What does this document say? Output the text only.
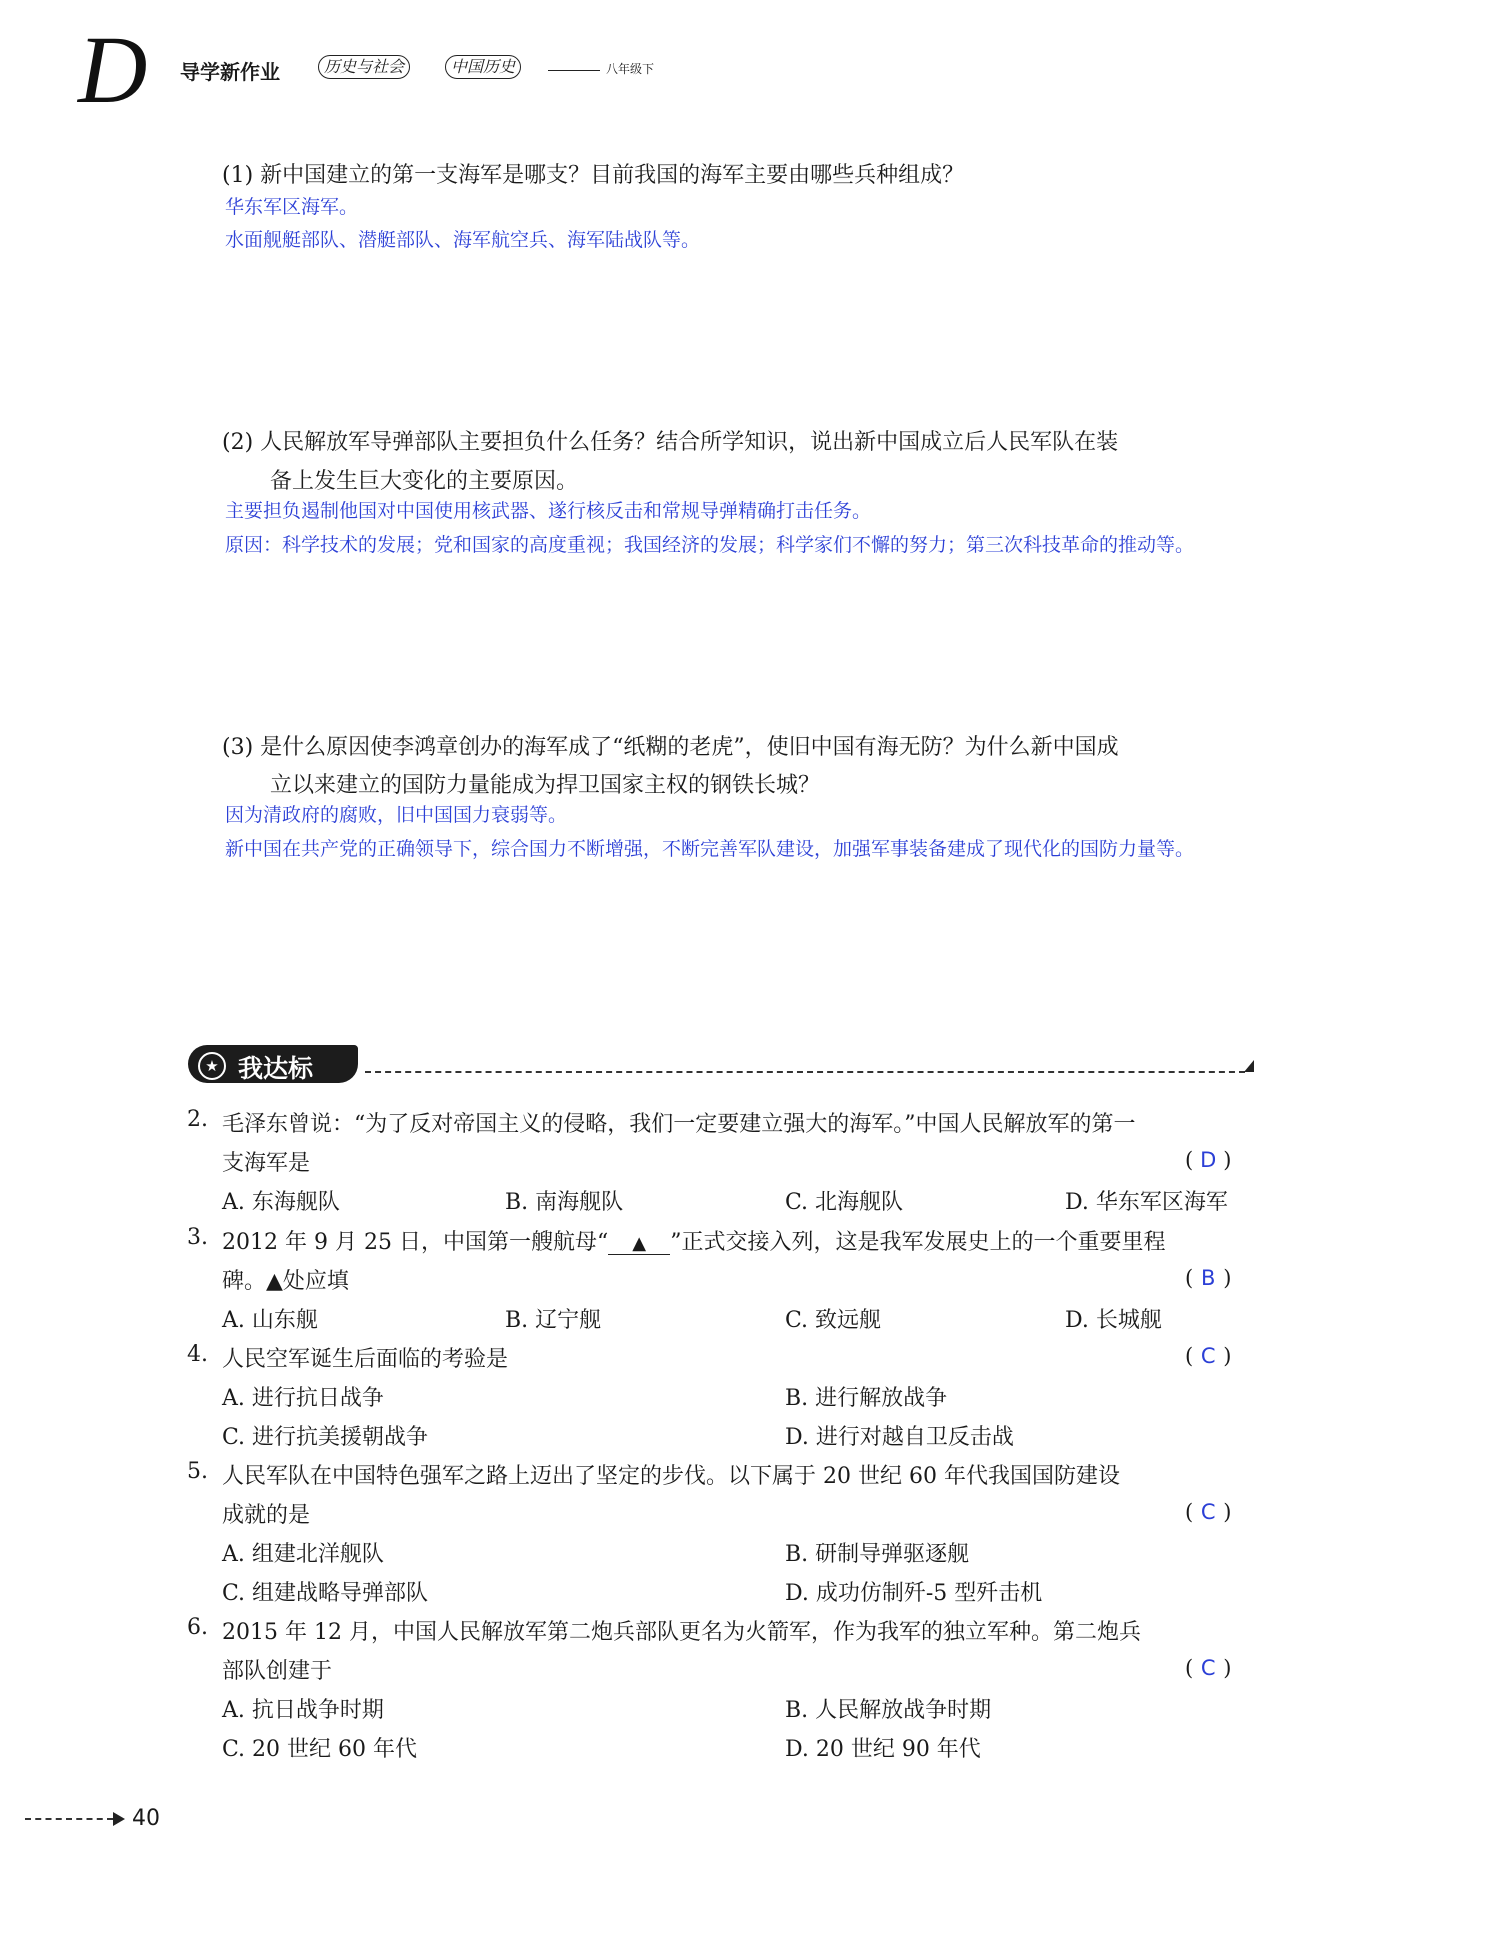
D 导学新作业	历史与社会	中国历史	八年级下
(1) 新中国建立的第一支海军是哪支？目前我国的海军主要由哪些兵种组成？
华东军区海军。
水面舰艇部队、潜艇部队、海军航空兵、海军陆战队等。
(2) 人民解放军导弹部队主要担负什么任务？结合所学知识，说出新中国成立后人民军队在装
备上发生巨大变化的主要原因。
主要担负遏制他国对中国使用核武器、遂行核反击和常规导弹精确打击任务。
原因：科学技术的发展；党和国家的高度重视；我国经济的发展；科学家们不懈的努力；第三次科技革命的推动等。
(3) 是什么原因使李鸿章创办的海军成了“纸糊的老虎”，使旧中国有海无防？为什么新中国成
立以来建立的国防力量能成为捍卫国家主权的钢铁长城？
因为清政府的腐败，旧中国国力衰弱等。
新中国在共产党的正确领导下，综合国力不断增强，不断完善军队建设，加强军事装备建成了现代化的国防力量等。
★ 我达标
2. 毛泽东曾说：“为了反对帝国主义的侵略，我们一定要建立强大的海军。”中国人民解放军的第一
支海军是	( D )
A. 东海舰队	B. 南海舰队	C. 北海舰队	D. 华东军区海军
3. 2012 年 9 月 25 日，中国第一艘航母“ ▲ ”正式交接入列，这是我军发展史上的一个重要里程
碑。▲处应填	( B )
A. 山东舰	B. 辽宁舰	C. 致远舰	D. 长城舰
4. 人民空军诞生后面临的考验是	( C )
A. 进行抗日战争	B. 进行解放战争
C. 进行抗美援朝战争	D. 进行对越自卫反击战
5. 人民军队在中国特色强军之路上迈出了坚定的步伐。以下属于 20 世纪 60 年代我国国防建设
成就的是	( C )
A. 组建北洋舰队	B. 研制导弹驱逐舰
C. 组建战略导弹部队	D. 成功仿制歼-5 型歼击机
6. 2015 年 12 月，中国人民解放军第二炮兵部队更名为火箭军，作为我军的独立军种。第二炮兵
部队创建于	( C )
A. 抗日战争时期	B. 人民解放战争时期
C. 20 世纪 60 年代	D. 20 世纪 90 年代
40
